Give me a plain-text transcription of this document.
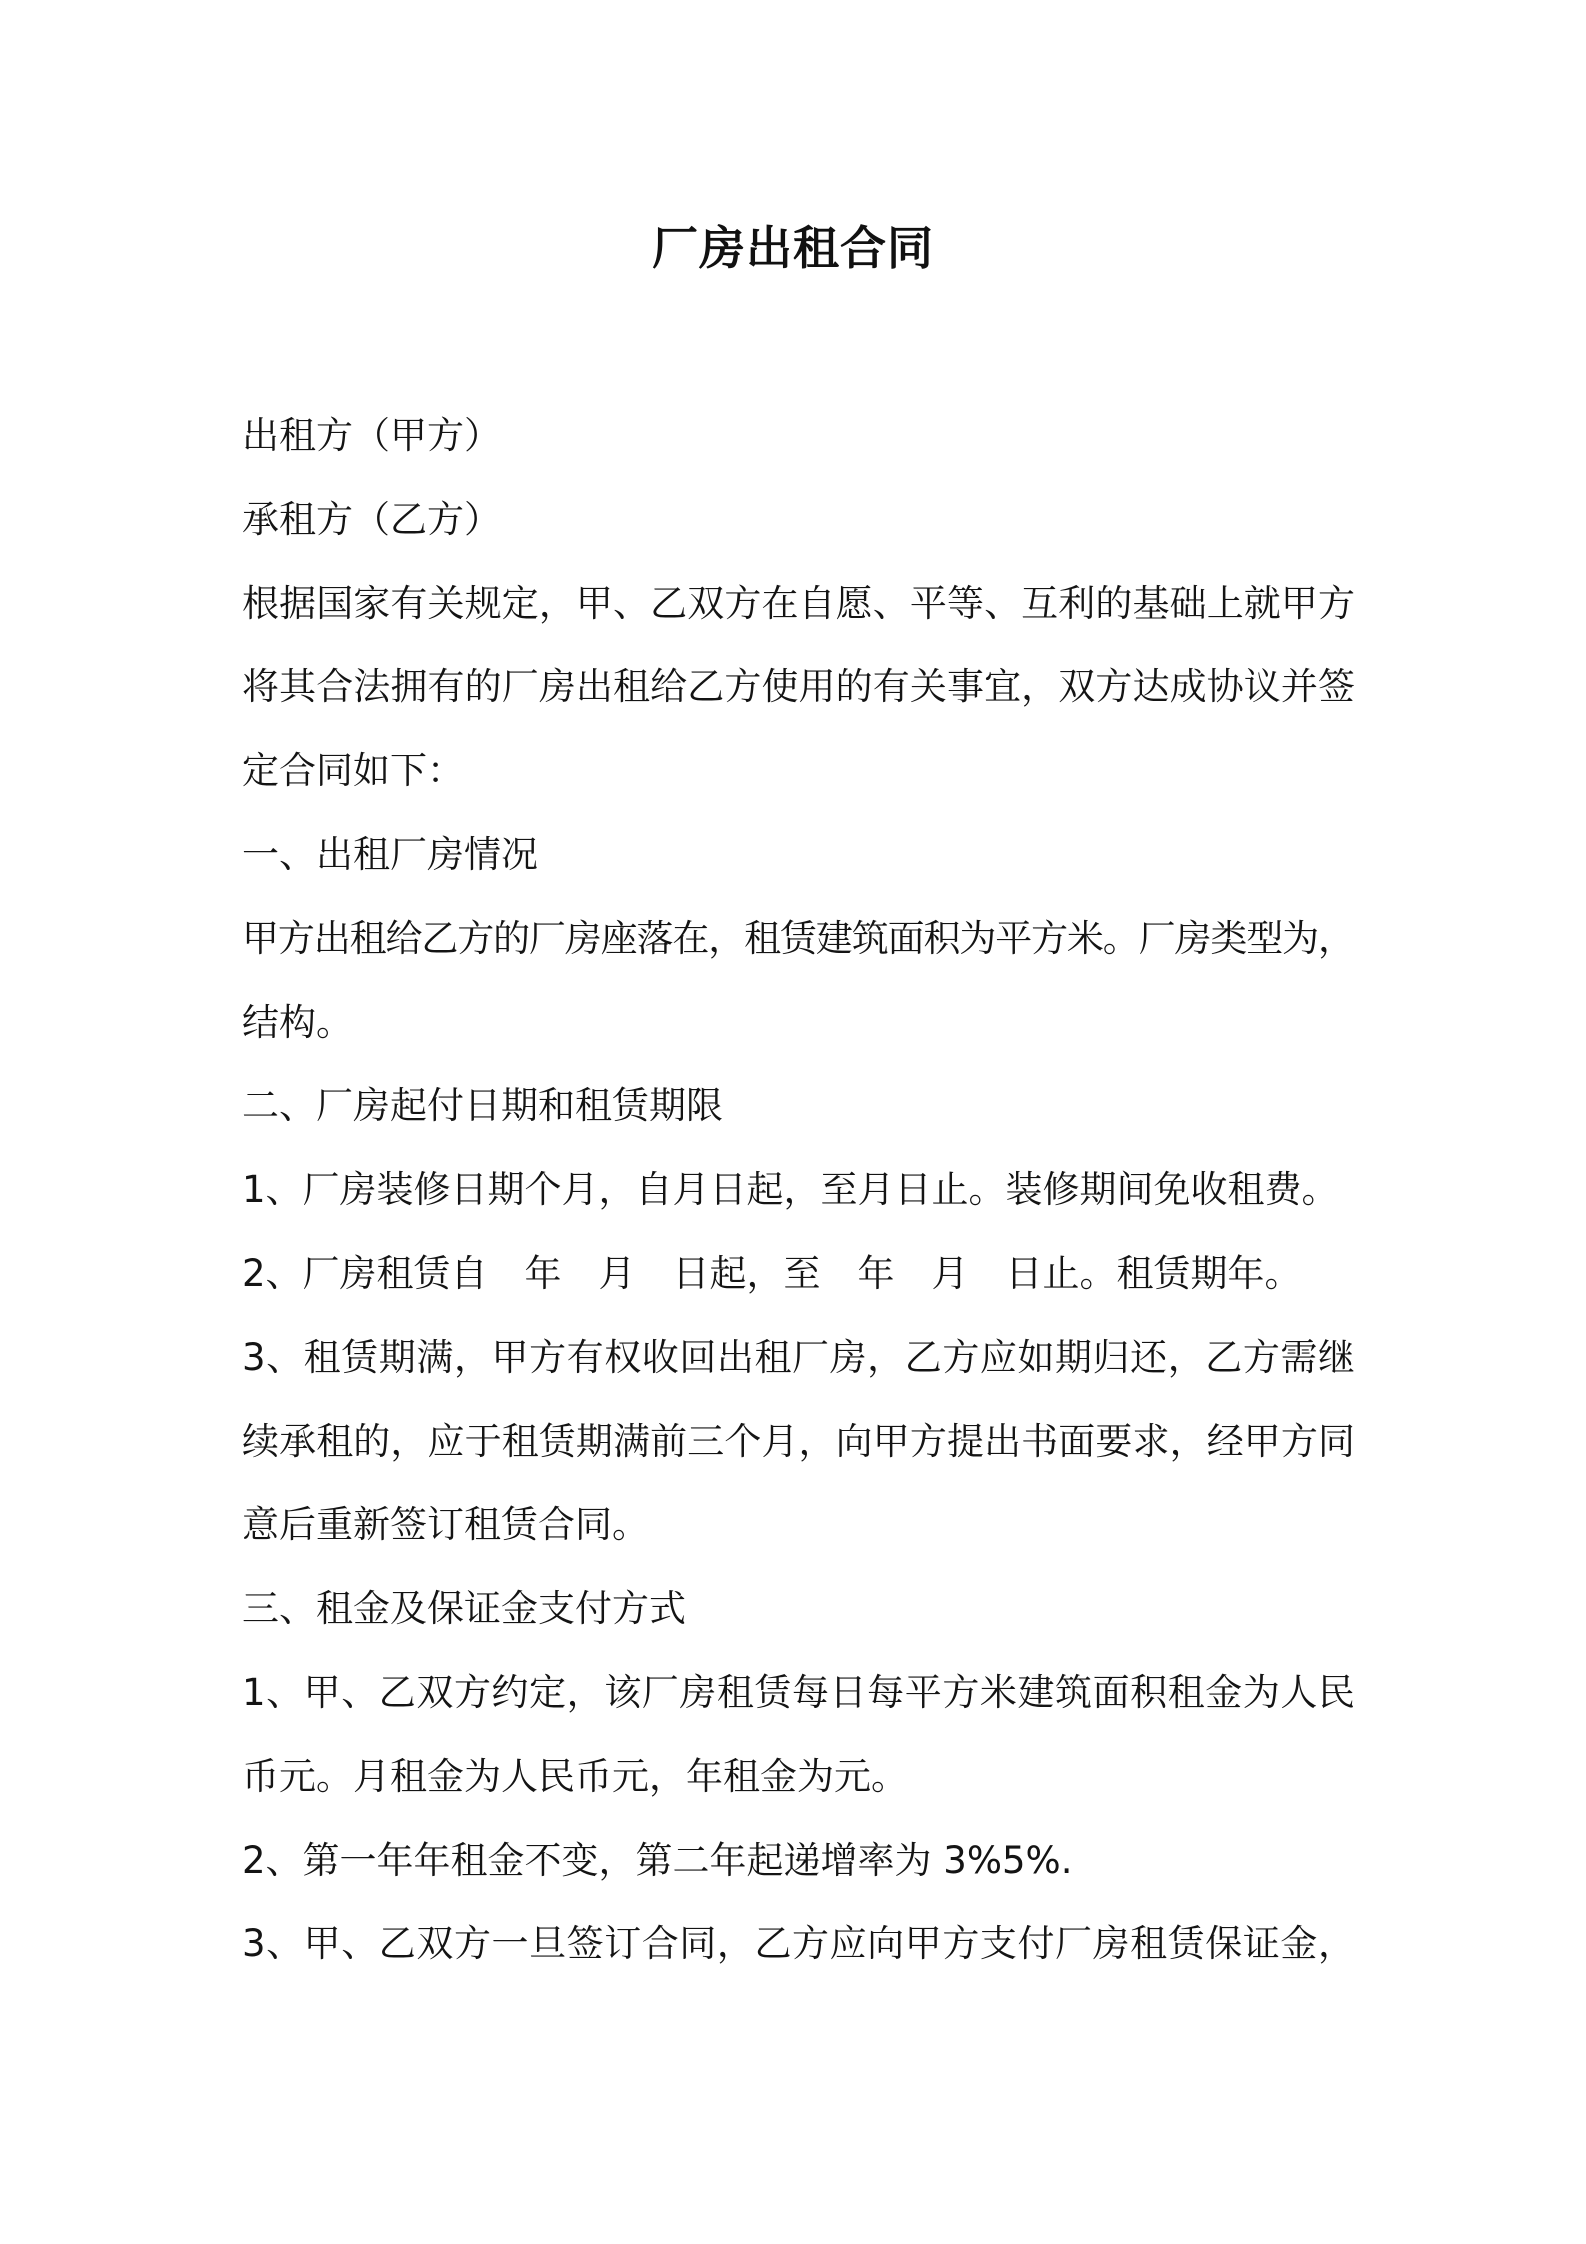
厂房出租合同
出租方（甲方）
承租方（乙方）
根据国家有关规定，甲、乙双方在自愿、平等、互利的基础上就甲方
将其合法拥有的厂房出租给乙方使用的有关事宜，双方达成协议并签
定合同如下：
一、出租厂房情况
甲方出租给乙方的厂房座落在，租赁建筑面积为平方米。厂房类型为，
结构。
二、厂房起付日期和租赁期限
1、厂房装修日期个月，自月日起，至月日止。装修期间免收租费。
2、厂房租赁自　年　月　日起，至　年　月　日止。租赁期年。
3、租赁期满，甲方有权收回出租厂房，乙方应如期归还，乙方需继
续承租的，应于租赁期满前三个月，向甲方提出书面要求，经甲方同
意后重新签订租赁合同。
三、租金及保证金支付方式
1、甲、乙双方约定，该厂房租赁每日每平方米建筑面积租金为人民
币元。月租金为人民币元，年租金为元。
2、第一年年租金不变，第二年起递增率为 3%5%.
3、甲、乙双方一旦签订合同，乙方应向甲方支付厂房租赁保证金，
